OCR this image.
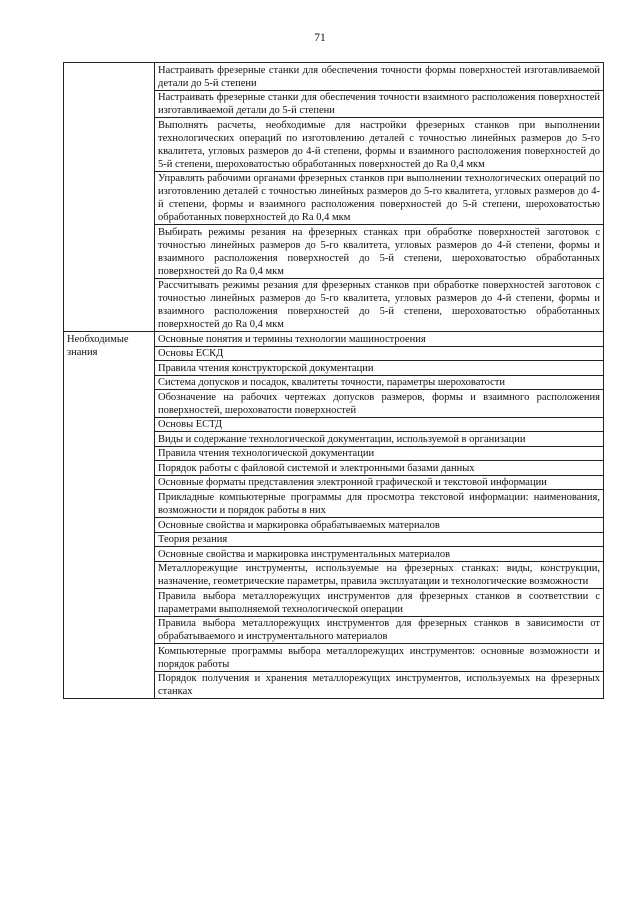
71
	Настраивать фрезерные станки для обеспечения точности формы поверхностей изготавливаемой детали до 5-й степени
	Настраивать фрезерные станки для обеспечения точности взаимного расположения поверхностей изготавливаемой детали до 5-й степени
	Выполнять расчеты, необходимые для настройки фрезерных станков при выполнении технологических операций по изготовлению деталей с точностью линейных размеров до 5-го квалитета, угловых размеров до 4-й степени, формы и взаимного расположения поверхностей до 5-й степени, шероховатостью обработанных поверхностей до Ra 0,4 мкм
	Управлять рабочими органами фрезерных станков при выполнении технологических операций по изготовлению деталей с точностью линейных размеров до 5-го квалитета, угловых размеров до 4-й степени, формы и взаимного расположения поверхностей до 5-й степени, шероховатостью обработанных поверхностей до Ra 0,4 мкм
	Выбирать режимы резания на фрезерных станках при обработке поверхностей заготовок с точностью линейных размеров до 5-го квалитета, угловых размеров до 4-й степени, формы и взаимного расположения поверхностей до 5-й степени, шероховатостью обработанных поверхностей до Ra 0,4 мкм
	Рассчитывать режимы резания для фрезерных станков при обработке поверхностей заготовок с точностью линейных размеров до 5-го квалитета, угловых размеров до 4-й степени, формы и взаимного расположения поверхностей до 5-й степени, шероховатостью обработанных поверхностей до Ra 0,4 мкм
Необходимые знания	Основные понятия и термины технологии машиностроения
	Основы ЕСКД
	Правила чтения конструкторской документации
	Система допусков и посадок, квалитеты точности, параметры шероховатости
	Обозначение на рабочих чертежах допусков размеров, формы и взаимного расположения поверхностей, шероховатости поверхностей
	Основы ЕСТД
	Виды и содержание технологической документации, используемой в организации
	Правила чтения технологической документации
	Порядок работы с файловой системой и электронными базами данных
	Основные форматы представления электронной графической и текстовой информации
	Прикладные компьютерные программы для просмотра текстовой информации: наименования, возможности и порядок работы в них
	Основные свойства и маркировка обрабатываемых материалов
	Теория резания
	Основные свойства и маркировка инструментальных материалов
	Металлорежущие инструменты, используемые на фрезерных станках: виды, конструкции, назначение, геометрические параметры, правила эксплуатации и технологические возможности
	Правила выбора металлорежущих инструментов для фрезерных станков в соответствии с параметрами выполняемой технологической операции
	Правила выбора металлорежущих инструментов для фрезерных станков в зависимости от обрабатываемого и инструментального материалов
	Компьютерные программы выбора металлорежущих инструментов: основные возможности и порядок работы
	Порядок получения и хранения металлорежущих инструментов, используемых на фрезерных станках
